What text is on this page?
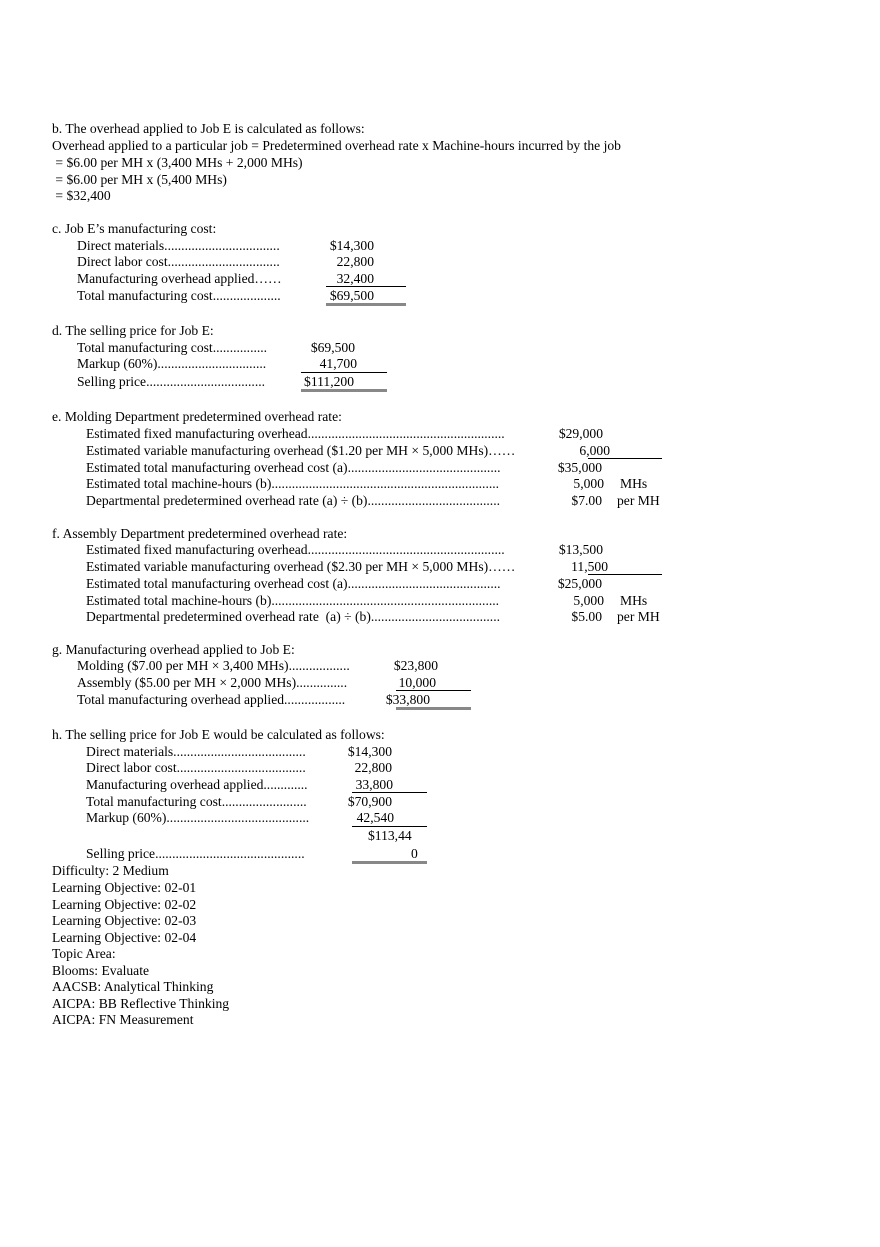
b. The overhead applied to Job E is calculated as follows:
Overhead applied to a particular job = Predetermined overhead rate x Machine-hours incurred by the job
= $6.00 per MH x (3,400 MHs + 2,000 MHs)
= $6.00 per MH x (5,400 MHs)
= $32,400
c. Job E’s manufacturing cost:
Direct materials..................................	$14,300
Direct labor cost.................................	22,800
Manufacturing overhead applied……	32,400
Total manufacturing cost....................	$69,500
d. The selling price for Job E:
Total manufacturing cost................	$69,500
Markup (60%)................................	41,700
Selling price...................................	$111,200
e. Molding Department predetermined overhead rate:
Estimated fixed manufacturing overhead..........................................................	$29,000
Estimated variable manufacturing overhead ($1.20 per MH × 5,000 MHs)……	6,000
Estimated total manufacturing overhead cost (a).............................................	$35,000
Estimated total machine-hours (b)...................................................................	5,000 MHs
Departmental predetermined overhead rate (a) ÷ (b).......................................	$7.00 per MH
f. Assembly Department predetermined overhead rate:
Estimated fixed manufacturing overhead..........................................................	$13,500
Estimated variable manufacturing overhead ($2.30 per MH × 5,000 MHs)……	11,500
Estimated total manufacturing overhead cost (a).............................................	$25,000
Estimated total machine-hours (b)...................................................................	5,000 MHs
Departmental predetermined overhead rate  (a) ÷ (b)......................................	$5.00 per MH
g. Manufacturing overhead applied to Job E:
Molding ($7.00 per MH × 3,400 MHs)..................	$23,800
Assembly ($5.00 per MH × 2,000 MHs)...............	10,000
Total manufacturing overhead applied..................	$33,800
h. The selling price for Job E would be calculated as follows:
Direct materials.......................................	$14,300
Direct labor cost......................................	22,800
Manufacturing overhead applied.............	33,800
Total manufacturing cost.........................	$70,900
Markup (60%)..........................................	42,540
$113,44
Selling price............................................	0
Difficulty: 2 Medium
Learning Objective: 02-01
Learning Objective: 02-02
Learning Objective: 02-03
Learning Objective: 02-04
Topic Area:
Blooms: Evaluate
AACSB: Analytical Thinking
AICPA: BB Reflective Thinking
AICPA: FN Measurement
